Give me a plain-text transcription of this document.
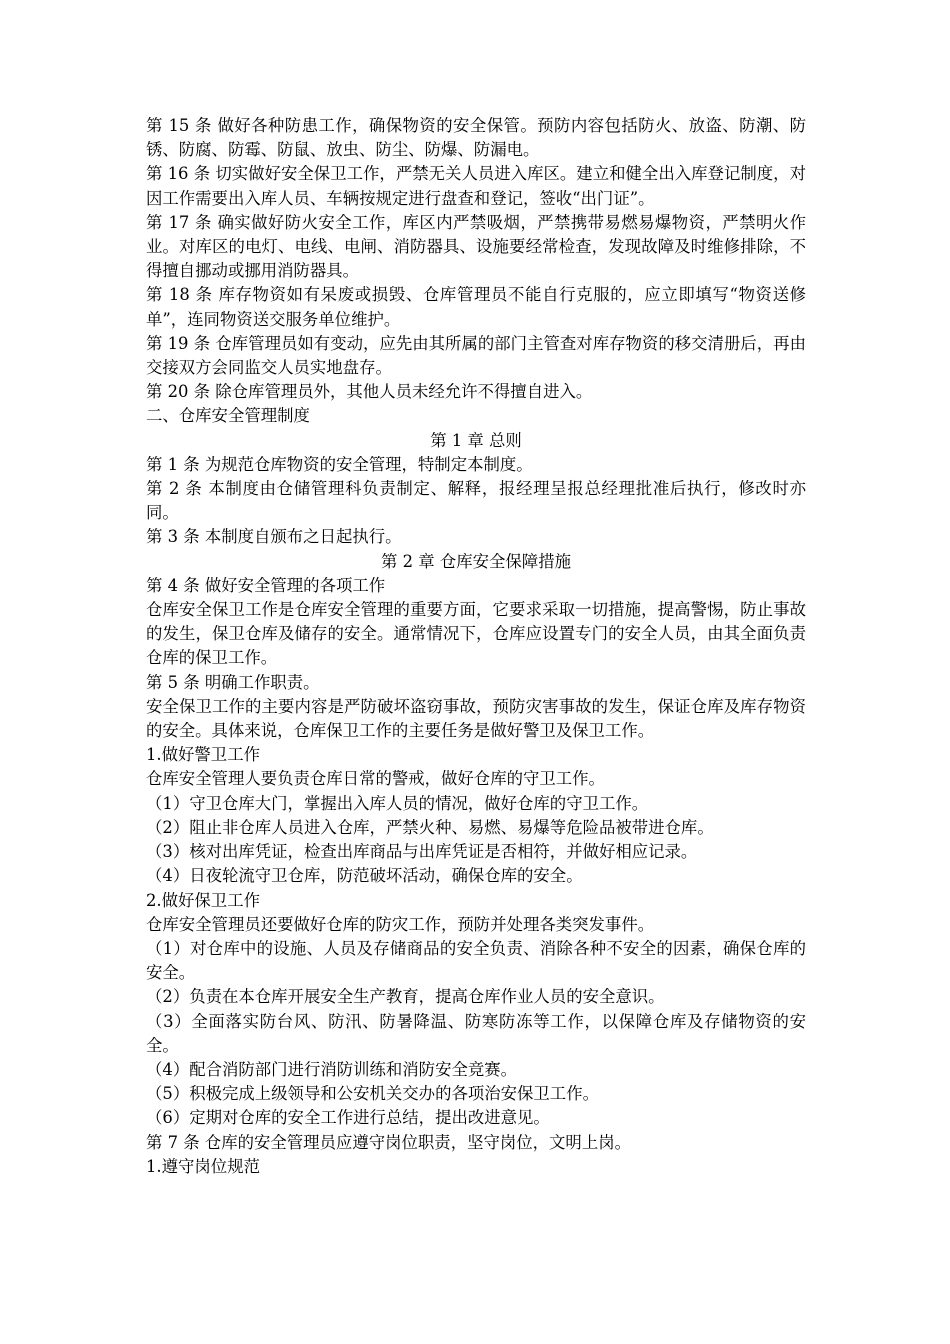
第 15 条 做好各种防患工作，确保物资的安全保管。预防内容包括防火、放盗、防潮、防锈、防腐、防霉、防鼠、放虫、防尘、防爆、防漏电。

第 16 条 切实做好安全保卫工作，严禁无关人员进入库区。建立和健全出入库登记制度，对因工作需要出入库人员、车辆按规定进行盘查和登记，签收“出门证”。

第 17 条 确实做好防火安全工作，库区内严禁吸烟，严禁携带易燃易爆物资，严禁明火作业。对库区的电灯、电线、电闸、消防器具、设施要经常检查，发现故障及时维修排除，不得擅自挪动或挪用消防器具。

第 18 条 库存物资如有呆废或损毁、仓库管理员不能自行克服的，应立即填写“物资送修单”，连同物资送交服务单位维护。

第 19 条 仓库管理员如有变动，应先由其所属的部门主管查对库存物资的移交清册后，再由交接双方会同监交人员实地盘存。

第 20 条 除仓库管理员外，其他人员未经允许不得擅自进入。

二、仓库安全管理制度

第 1 章 总则

第 1 条 为规范仓库物资的安全管理，特制定本制度。

第 2 条 本制度由仓储管理科负责制定、解释，报经理呈报总经理批准后执行，修改时亦同。

第 3 条 本制度自颁布之日起执行。

第 2 章 仓库安全保障措施

第 4 条 做好安全管理的各项工作

仓库安全保卫工作是仓库安全管理的重要方面，它要求采取一切措施，提高警惕，防止事故的发生，保卫仓库及储存的安全。通常情况下，仓库应设置专门的安全人员，由其全面负责仓库的保卫工作。

第 5 条 明确工作职责。

安全保卫工作的主要内容是严防破坏盗窃事故，预防灾害事故的发生，保证仓库及库存物资的安全。具体来说，仓库保卫工作的主要任务是做好警卫及保卫工作。

1.做好警卫工作

仓库安全管理人要负责仓库日常的警戒，做好仓库的守卫工作。

（1）守卫仓库大门，掌握出入库人员的情况，做好仓库的守卫工作。

（2）阻止非仓库人员进入仓库，严禁火种、易燃、易爆等危险品被带进仓库。

（3）核对出库凭证，检查出库商品与出库凭证是否相符，并做好相应记录。

（4）日夜轮流守卫仓库，防范破坏活动，确保仓库的安全。

2.做好保卫工作

仓库安全管理员还要做好仓库的防灾工作，预防并处理各类突发事件。

（1）对仓库中的设施、人员及存储商品的安全负责、消除各种不安全的因素，确保仓库的安全。

（2）负责在本仓库开展安全生产教育，提高仓库作业人员的安全意识。

（3）全面落实防台风、防汛、防暑降温、防寒防冻等工作，以保障仓库及存储物资的安全。

（4）配合消防部门进行消防训练和消防安全竞赛。

（5）积极完成上级领导和公安机关交办的各项治安保卫工作。

（6）定期对仓库的安全工作进行总结，提出改进意见。

第 7 条 仓库的安全管理员应遵守岗位职责，坚守岗位，文明上岗。

1.遵守岗位规范
